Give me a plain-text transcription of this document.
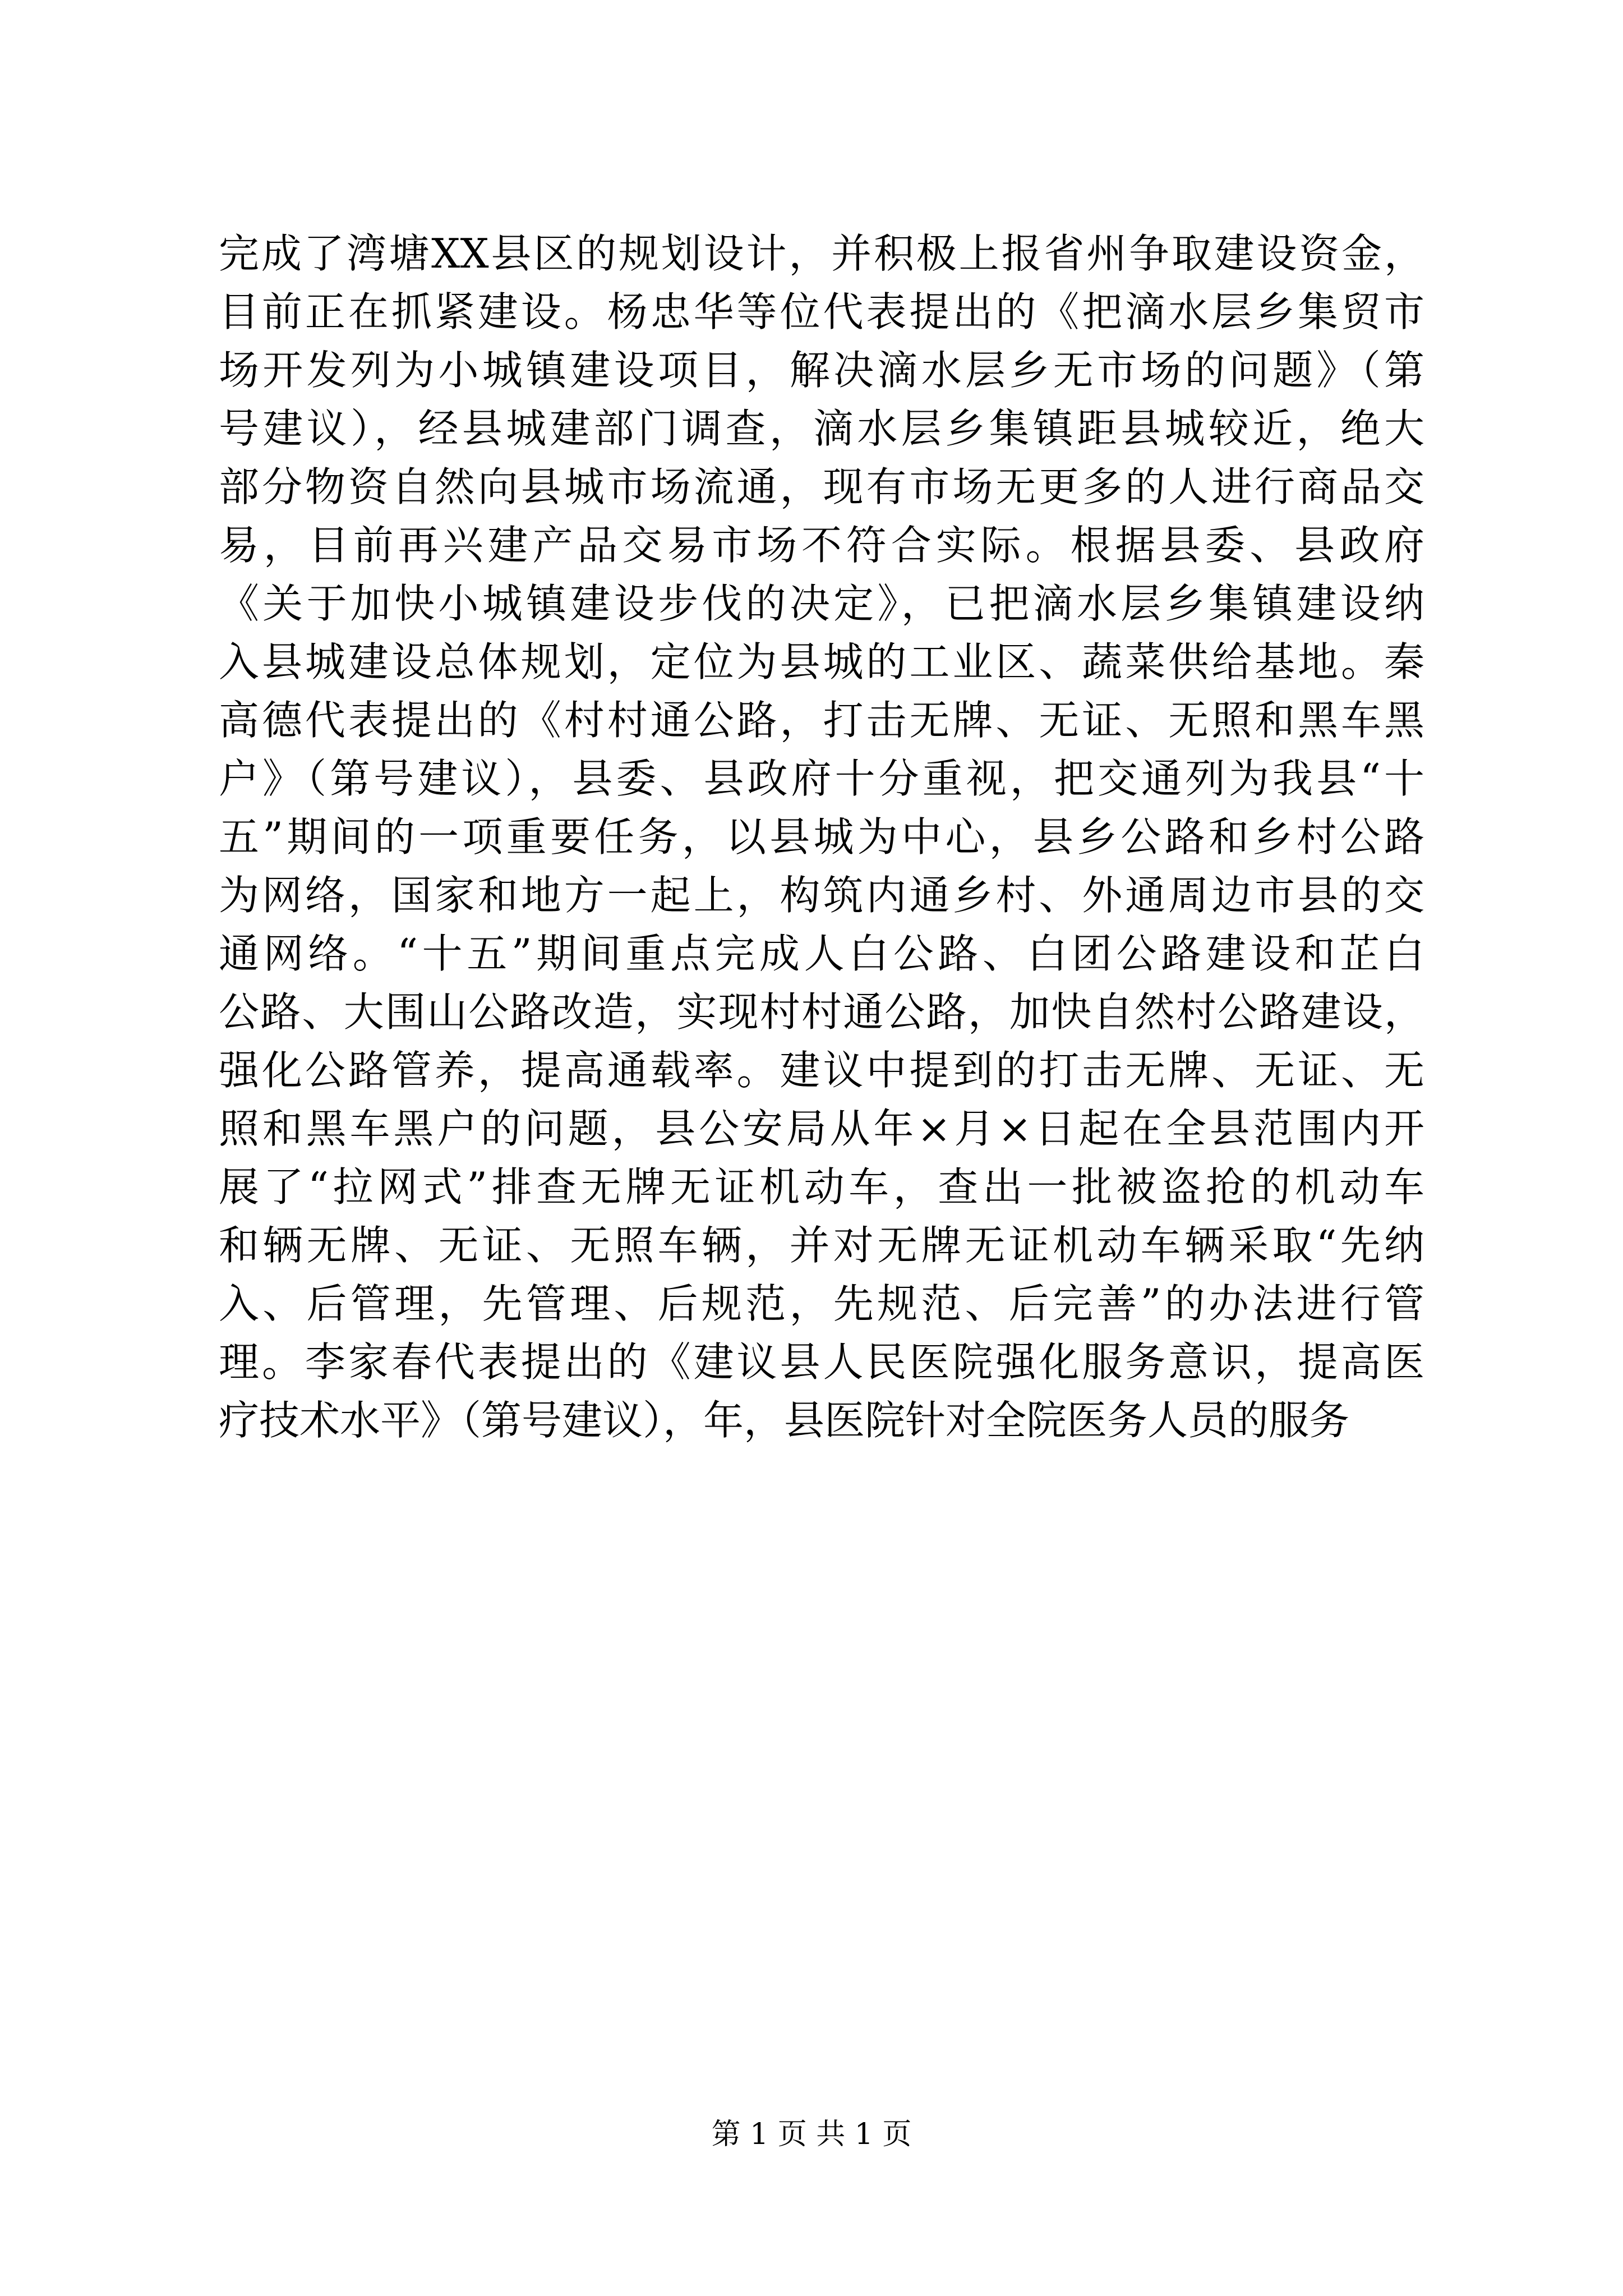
完成了湾塘XX县区的规划设计，并积极上报省州争取建设资金，
目前正在抓紧建设。杨忠华等位代表提出的《把滴水层乡集贸市
场开发列为小城镇建设项目，解决滴水层乡无市场的问题》（第
号建议），经县城建部门调查，滴水层乡集镇距县城较近，绝大
部分物资自然向县城市场流通，现有市场无更多的人进行商品交
易，目前再兴建产品交易市场不符合实际。根据县委、县政府
《关于加快小城镇建设步伐的决定》，已把滴水层乡集镇建设纳
入县城建设总体规划，定位为县城的工业区、蔬菜供给基地。秦
高德代表提出的《村村通公路，打击无牌、无证、无照和黑车黑
户》（第号建议），县委、县政府十分重视，把交通列为我县“十
五”期间的一项重要任务，以县城为中心，县乡公路和乡村公路
为网络，国家和地方一起上，构筑内通乡村、外通周边市县的交
通网络。“十五”期间重点完成人白公路、白团公路建设和芷白
公路、大围山公路改造，实现村村通公路，加快自然村公路建设，
强化公路管养，提高通载率。建议中提到的打击无牌、无证、无
照和黑车黑户的问题，县公安局从年×月×日起在全县范围内开
展了“拉网式”排查无牌无证机动车，查出一批被盗抢的机动车
和辆无牌、无证、无照车辆，并对无牌无证机动车辆采取“先纳
入、后管理，先管理、后规范，先规范、后完善”的办法进行管
理。李家春代表提出的《建议县人民医院强化服务意识，提高医
疗技术水平》（第号建议），年，县医院针对全院医务人员的服务
第 1 页 共 1 页
